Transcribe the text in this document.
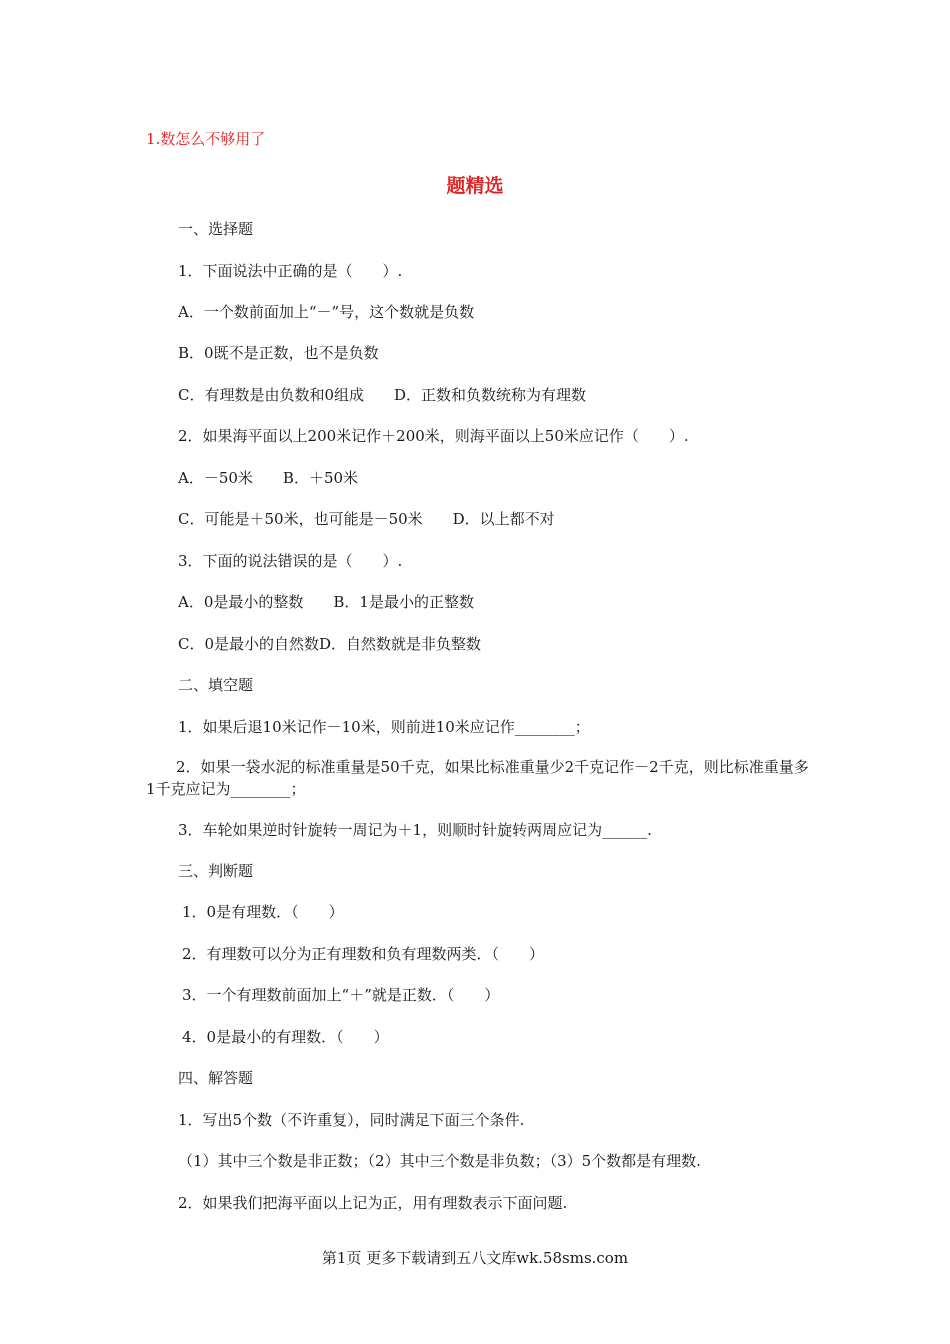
1.数怎么不够用了
题精选
一、选择题
1．下面说法中正确的是（　　）.
A．一个数前面加上“－”号，这个数就是负数
B．0既不是正数，也不是负数
C．有理数是由负数和0组成　　D．正数和负数统称为有理数
2．如果海平面以上200米记作＋200米，则海平面以上50米应记作（　　）.
A．－50米　　B．＋50米
C．可能是＋50米，也可能是－50米　　D．以上都不对
3．下面的说法错误的是（　　）.
A．0是最小的整数　　B．1是最小的正整数
C．0是最小的自然数D．自然数就是非负整数
二、填空题
1．如果后退10米记作－10米，则前进10米应记作________；
　　2．如果一袋水泥的标准重量是50千克，如果比标准重量少2千克记作－2千克，则比标准重量多1千克应记为________；
3．车轮如果逆时针旋转一周记为＋1，则顺时针旋转两周应记为______.
三、判断题
1．0是有理数．（　　）
2．有理数可以分为正有理数和负有理数两类．（　　）
3．一个有理数前面加上“＋”就是正数．（　　）
4．0是最小的有理数．（　　）
四、解答题
1．写出5个数（不许重复），同时满足下面三个条件.
（1）其中三个数是非正数；（2）其中三个数是非负数；（3）5个数都是有理数.
2．如果我们把海平面以上记为正，用有理数表示下面问题.
第1页 更多下载请到五八文库wk.58sms.com
